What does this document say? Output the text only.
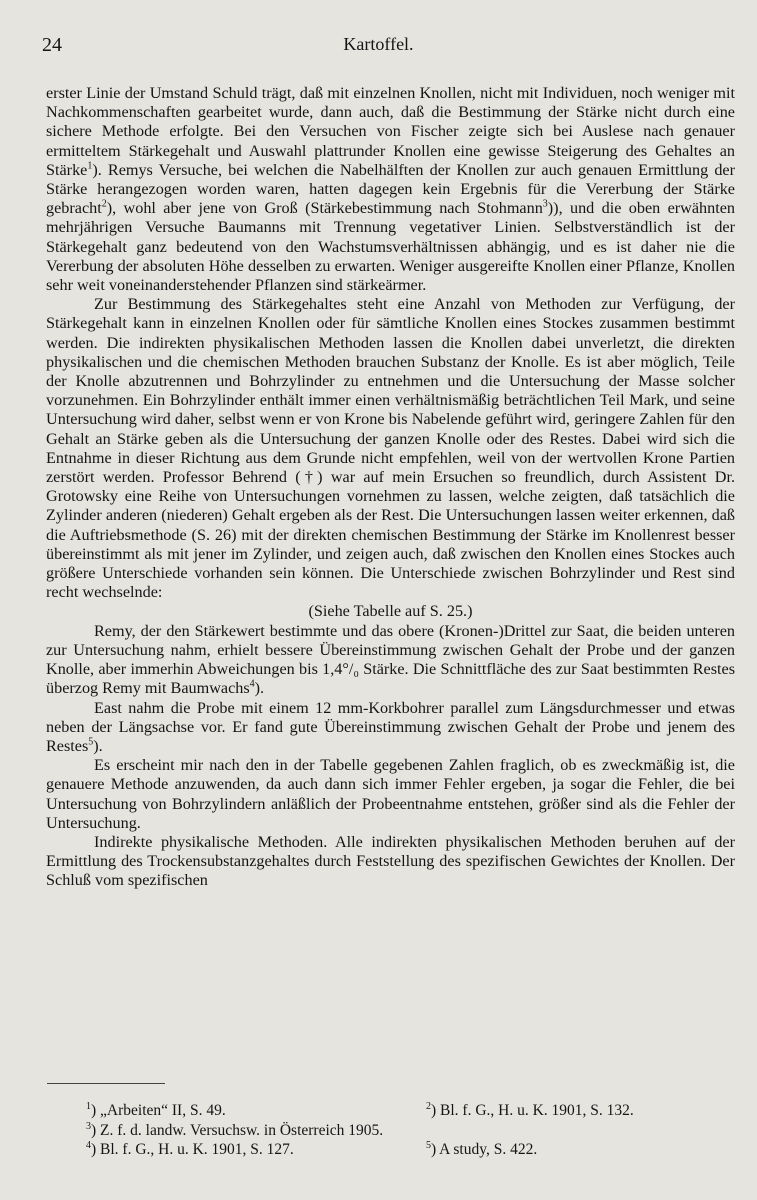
24	Kartoffel.

erster Linie der Umstand Schuld trägt, daß mit einzelnen Knollen, nicht mit Individuen, noch weniger mit Nachkommenschaften gearbeitet wurde, dann auch, daß die Bestimmung der Stärke nicht durch eine sichere Methode erfolgte. Bei den Versuchen von Fischer zeigte sich bei Auslese nach genauer ermitteltem Stärkegehalt und Auswahl plattrunder Knollen eine gewisse Steigerung des Gehaltes an Stärke$^1$). Remys Versuche, bei welchen die Nabelhälften der Knollen zur auch genauen Ermittlung der Stärke herangezogen worden waren, hatten dagegen kein Ergebnis für die Vererbung der Stärke gebracht$^2$), wohl aber jene von Groß (Stärkebestimmung nach Stohmann$^3$)), und die oben erwähnten mehrjährigen Versuche Baumanns mit Trennung vegetativer Linien. Selbstverständlich ist der Stärkegehalt ganz bedeutend von den Wachstumsverhältnissen abhängig, und es ist daher nie die Vererbung der absoluten Höhe desselben zu erwarten. Weniger ausgereifte Knollen einer Pflanze, Knollen sehr weit voneinanderstehender Pflanzen sind stärkeärmer.

Zur Bestimmung des Stärkegehaltes steht eine Anzahl von Methoden zur Verfügung, der Stärkegehalt kann in einzelnen Knollen oder für sämtliche Knollen eines Stockes zusammen bestimmt werden. Die indirekten physikalischen Methoden lassen die Knollen dabei unverletzt, die direkten physikalischen und die chemischen Methoden brauchen Substanz der Knolle. Es ist aber möglich, Teile der Knolle abzutrennen und Bohrzylinder zu entnehmen und die Untersuchung der Masse solcher vorzunehmen. Ein Bohrzylinder enthält immer einen verhältnismäßig beträchtlichen Teil Mark, und seine Untersuchung wird daher, selbst wenn er von Krone bis Nabelende geführt wird, geringere Zahlen für den Gehalt an Stärke geben als die Untersuchung der ganzen Knolle oder des Restes. Dabei wird sich die Entnahme in dieser Richtung aus dem Grunde nicht empfehlen, weil von der wertvollen Krone Partien zerstört werden. Professor Behrend (†) war auf mein Ersuchen so freundlich, durch Assistent Dr. Grotowsky eine Reihe von Untersuchungen vornehmen zu lassen, welche zeigten, daß tatsächlich die Zylinder anderen (niederen) Gehalt ergeben als der Rest. Die Untersuchungen lassen weiter erkennen, daß die Auftriebsmethode (S. 26) mit der direkten chemischen Bestimmung der Stärke im Knollenrest besser übereinstimmt als mit jener im Zylinder, und zeigen auch, daß zwischen den Knollen eines Stockes auch größere Unterschiede vorhanden sein können. Die Unterschiede zwischen Bohrzylinder und Rest sind recht wechselnde:

(Siehe Tabelle auf S. 25.)

Remy, der den Stärkewert bestimmte und das obere (Kronen-)Drittel zur Saat, die beiden unteren zur Untersuchung nahm, erhielt bessere Übereinstimmung zwischen Gehalt der Probe und der ganzen Knolle, aber immerhin Abweichungen bis 1,4°/₀ Stärke. Die Schnittfläche des zur Saat bestimmten Restes überzog Remy mit Baumwachs$^4$).

East nahm die Probe mit einem 12 mm-Korkbohrer parallel zum Längsdurchmesser und etwas neben der Längsachse vor. Er fand gute Übereinstimmung zwischen Gehalt der Probe und jenem des Restes$^5$).

Es erscheint mir nach den in der Tabelle gegebenen Zahlen fraglich, ob es zweckmäßig ist, die genauere Methode anzuwenden, da auch dann sich immer Fehler ergeben, ja sogar die Fehler, die bei Untersuchung von Bohrzylindern anläßlich der Probeentnahme entstehen, größer sind als die Fehler der Untersuchung.

Indirekte physikalische Methoden. Alle indirekten physikalischen Methoden beruhen auf der Ermittlung des Trockensubstanzgehaltes durch Feststellung des spezifischen Gewichtes der Knollen. Der Schluß vom spezifischen

$^1$) „Arbeiten“ II, S. 49.	$^2$) Bl. f. G., H. u. K. 1901, S. 132.
$^3$) Z. f. d. landw. Versuchsw. in Österreich 1905.
$^4$) Bl. f. G., H. u. K. 1901, S. 127.	$^5$) A study, S. 422.
